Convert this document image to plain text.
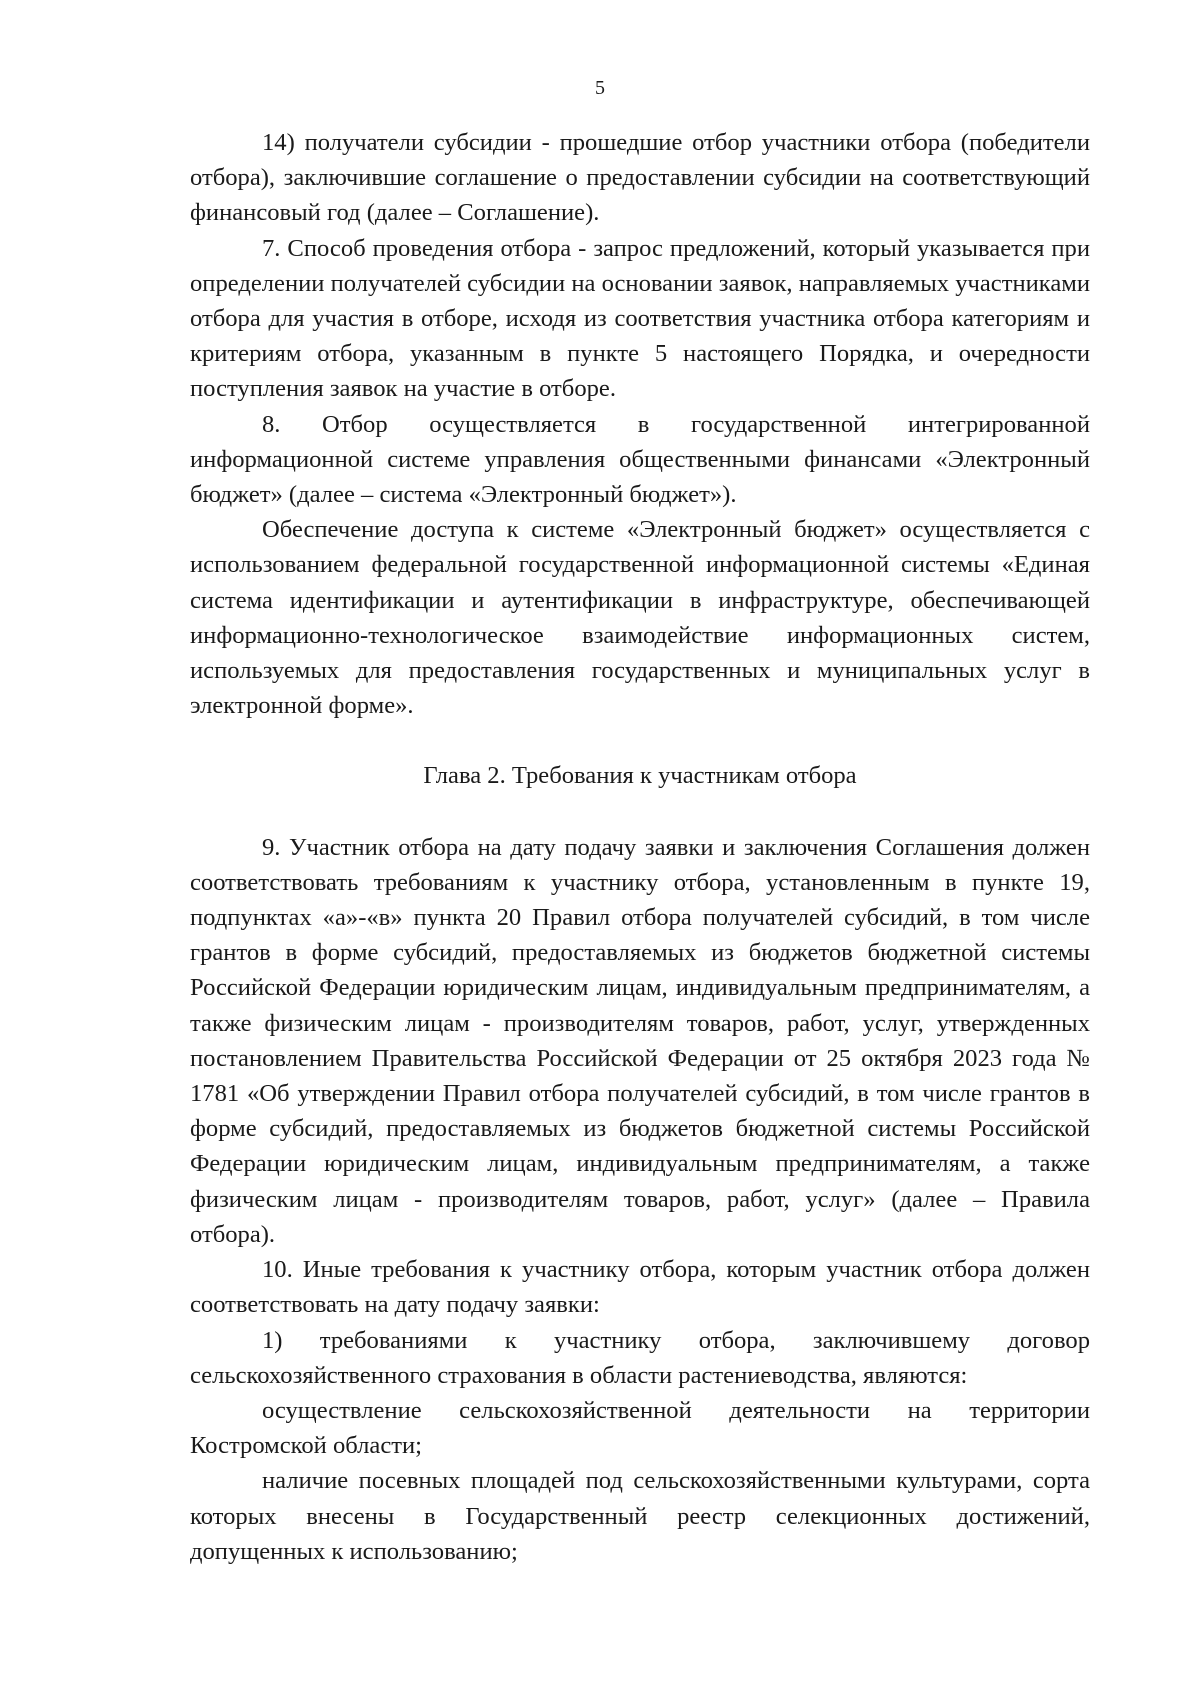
5

14) получатели субсидии - прошедшие отбор участники отбора (победители отбора), заключившие соглашение о предоставлении субсидии на соответствующий финансовый год (далее – Соглашение).

7. Способ проведения отбора - запрос предложений, который указывается при определении получателей субсидии на основании заявок, направляемых участниками отбора для участия в отборе, исходя из соответствия участника отбора категориям и критериям отбора, указанным в пункте 5 настоящего Порядка, и очередности поступления заявок на участие в отборе.

8. Отбор осуществляется в государственной интегрированной информационной системе управления общественными финансами «Электронный бюджет» (далее – система «Электронный бюджет»).

Обеспечение доступа к системе «Электронный бюджет» осуществляется с использованием федеральной государственной информационной системы «Единая система идентификации и аутентификации в инфраструктуре, обеспечивающей информационно-технологическое взаимодействие информационных систем, используемых для предоставления государственных и муниципальных услуг в электронной форме».

Глава 2. Требования к участникам отбора

9. Участник отбора на дату подачу заявки и заключения Соглашения должен соответствовать требованиям к участнику отбора, установленным в пункте 19, подпунктах «а»-«в» пункта 20 Правил отбора получателей субсидий, в том числе грантов в форме субсидий, предоставляемых из бюджетов бюджетной системы Российской Федерации юридическим лицам, индивидуальным предпринимателям, а также физическим лицам - производителям товаров, работ, услуг, утвержденных постановлением Правительства Российской Федерации от 25 октября 2023 года № 1781 «Об утверждении Правил отбора получателей субсидий, в том числе грантов в форме субсидий, предоставляемых из бюджетов бюджетной системы Российской Федерации юридическим лицам, индивидуальным предпринимателям, а также физическим лицам - производителям товаров, работ, услуг» (далее – Правила отбора).

10. Иные требования к участнику отбора, которым участник отбора должен соответствовать на дату подачу заявки:

1) требованиями к участнику отбора, заключившему договор сельскохозяйственного страхования в области растениеводства, являются:

осуществление сельскохозяйственной деятельности на территории Костромской области;

наличие посевных площадей под сельскохозяйственными культурами, сорта которых внесены в Государственный реестр селекционных достижений, допущенных к использованию;
